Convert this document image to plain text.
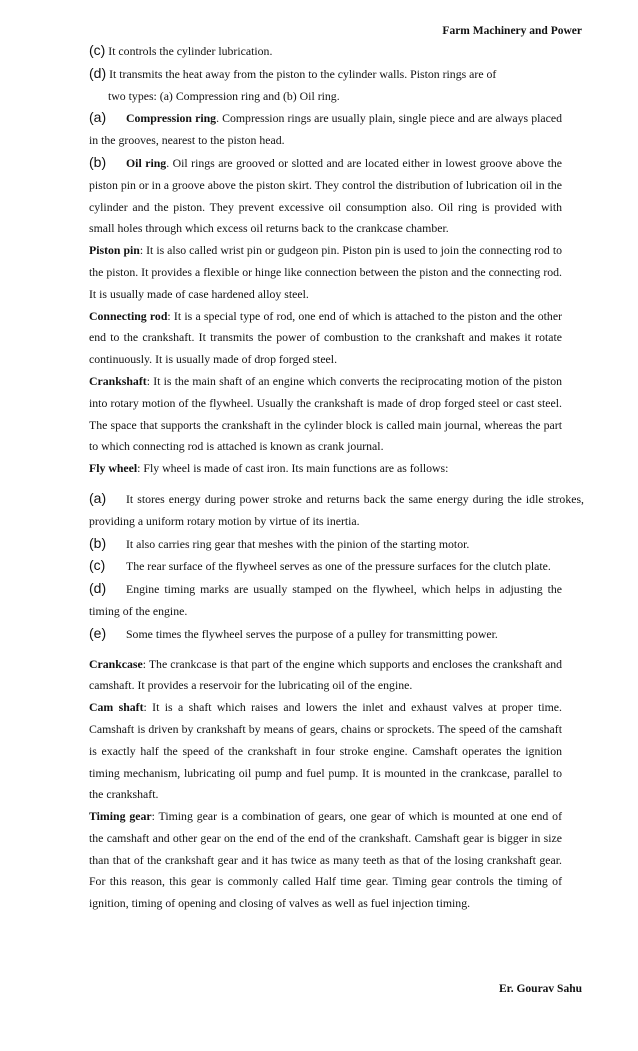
Farm Machinery and Power

(c) It controls the cylinder lubrication.

(d) It transmits the heat away from the piston to the cylinder walls. Piston rings are of

two types: (a) Compression ring and (b) Oil ring.

(a) Compression ring. Compression rings are usually plain, single piece and are always placed in the grooves, nearest to the piston head.

(b) Oil ring. Oil rings are grooved or slotted and are located either in lowest groove above the piston pin or in a groove above the piston skirt. They control the distribution of lubrication oil in the cylinder and the piston. They prevent excessive oil consumption also. Oil ring is provided with small holes through which excess oil returns back to the crankcase chamber.

Piston pin: It is also called wrist pin or gudgeon pin. Piston pin is used to join the connecting rod to the piston. It provides a flexible or hinge like connection between the piston and the connecting rod. It is usually made of case hardened alloy steel.

Connecting rod: It is a special type of rod, one end of which is attached to the piston and the other end to the crankshaft. It transmits the power of combustion to the crankshaft and makes it rotate continuously. It is usually made of drop forged steel.

Crankshaft: It is the main shaft of an engine which converts the reciprocating motion of the piston into rotary motion of the flywheel. Usually the crankshaft is made of drop forged steel or cast steel. The space that supports the crankshaft in the cylinder block is called main journal, whereas the part to which connecting rod is attached is known as crank journal.

Fly wheel: Fly wheel is made of cast iron. Its main functions are as follows:

(a) It stores energy during power stroke and returns back the same energy during the idle strokes, providing a uniform rotary motion by virtue of its inertia.

(b) It also carries ring gear that meshes with the pinion of the starting motor.

(c) The rear surface of the flywheel serves as one of the pressure surfaces for the clutch plate.

(d) Engine timing marks are usually stamped on the flywheel, which helps in adjusting the timing of the engine.

(e) Some times the flywheel serves the purpose of a pulley for transmitting power.

Crankcase: The crankcase is that part of the engine which supports and encloses the crankshaft and camshaft. It provides a reservoir for the lubricating oil of the engine.

Cam shaft: It is a shaft which raises and lowers the inlet and exhaust valves at proper time. Camshaft is driven by crankshaft by means of gears, chains or sprockets. The speed of the camshaft is exactly half the speed of the crankshaft in four stroke engine. Camshaft operates the ignition timing mechanism, lubricating oil pump and fuel pump. It is mounted in the crankcase, parallel to the crankshaft.

Timing gear: Timing gear is a combination of gears, one gear of which is mounted at one end of the camshaft and other gear on the end of the end of the crankshaft. Camshaft gear is bigger in size than that of the crankshaft gear and it has twice as many teeth as that of the losing crankshaft gear. For this reason, this gear is commonly called Half time gear. Timing gear controls the timing of ignition, timing of opening and closing of valves as well as fuel injection timing.

Er. Gourav Sahu
